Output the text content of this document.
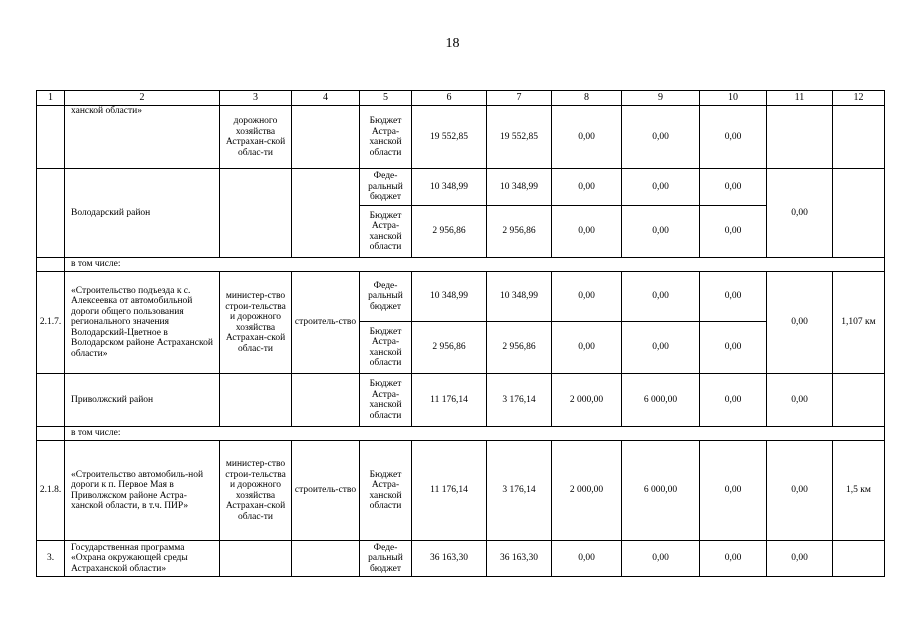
18
1	2	3	4	5	6	7	8	9	10	11	12
	ханской области»	дорожного хозяйства Астрахан-ской облас-ти		Бюджет Астра-ханской области	19 552,85	19 552,85	0,00	0,00	0,00		
	Володарский район			Феде-ральный бюджет	10 348,99	10 348,99	0,00	0,00	0,00	0,00	
				Бюджет Астра-ханской области	2 956,86	2 956,86	0,00	0,00	0,00		
	в том числе:										
2.1.7.	«Строительство подъезда к с. Алексеевка от автомобильной дороги общего пользования регионального значения Володарский-Цветное в Володарском районе Астраханской области»	министер-ство строи-тельства и дорожного хозяйства Астрахан-ской облас-ти	строитель-ство	Феде-ральный бюджет	10 348,99	10 348,99	0,00	0,00	0,00	0,00	1,107 км
				Бюджет Астра-ханской области	2 956,86	2 956,86	0,00	0,00	0,00		
	Приволжский район			Бюджет Астра-ханской области	11 176,14	3 176,14	2 000,00	6 000,00	0,00	0,00	
	в том числе:										
2.1.8.	«Строительство автомобиль-ной дороги к п. Первое Мая в Приволжском районе Астра-ханской области, в т.ч. ПИР»	министер-ство строи-тельства и дорожного хозяйства Астрахан-ской облас-ти	строитель-ство	Бюджет Астра-ханской области	11 176,14	3 176,14	2 000,00	6 000,00	0,00	0,00	1,5 км
3.	Государственная программа «Охрана окружающей среды Астраханской области»			Феде-ральный бюджет	36 163,30	36 163,30	0,00	0,00	0,00	0,00	
